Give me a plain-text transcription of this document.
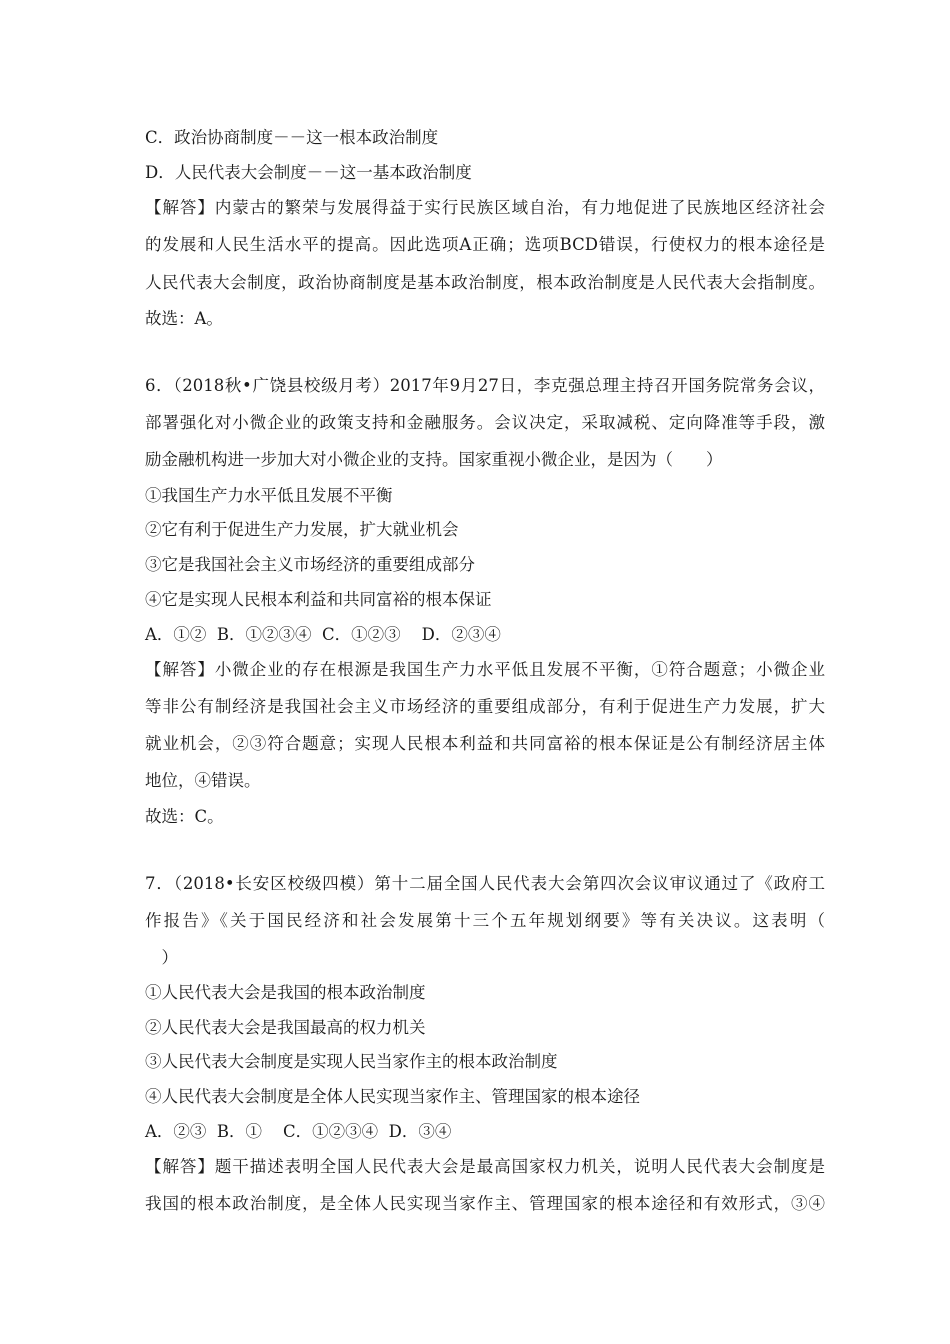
C．政治协商制度－－这一根本政治制度
D．人民代表大会制度－－这一基本政治制度
【解答】内蒙古的繁荣与发展得益于实行民族区域自治，有力地促进了民族地区经济社会
的发展和人民生活水平的提高。因此选项A正确；选项BCD错误，行使权力的根本途径是
人民代表大会制度，政治协商制度是基本政治制度，根本政治制度是人民代表大会指制度。
故选：A。
6．（2018秋•广饶县校级月考）2017年9月27日，李克强总理主持召开国务院常务会议，
部署强化对小微企业的政策支持和金融服务。会议决定，采取减税、定向降准等手段，激
励金融机构进一步加大对小微企业的支持。国家重视小微企业，是因为（　　）
①我国生产力水平低且发展不平衡
②它有利于促进生产力发展，扩大就业机会
③它是我国社会主义市场经济的重要组成部分
④它是实现人民根本利益和共同富裕的根本保证
A．①②  B．①②③④  C．①②③    D．②③④
【解答】小微企业的存在根源是我国生产力水平低且发展不平衡，①符合题意；小微企业
等非公有制经济是我国社会主义市场经济的重要组成部分，有利于促进生产力发展，扩大
就业机会，②③符合题意；实现人民根本利益和共同富裕的根本保证是公有制经济居主体
地位，④错误。
故选：C。
7．（2018•长安区校级四模）第十二届全国人民代表大会第四次会议审议通过了《政府工
作报告》《关于国民经济和社会发展第十三个五年规划纲要》等有关决议。这表明（
　）
①人民代表大会是我国的根本政治制度
②人民代表大会是我国最高的权力机关
③人民代表大会制度是实现人民当家作主的根本政治制度
④人民代表大会制度是全体人民实现当家作主、管理国家的根本途径
A．②③  B．①    C．①②③④  D．③④
【解答】题干描述表明全国人民代表大会是最高国家权力机关，说明人民代表大会制度是
我国的根本政治制度，是全体人民实现当家作主、管理国家的根本途径和有效形式，③④
